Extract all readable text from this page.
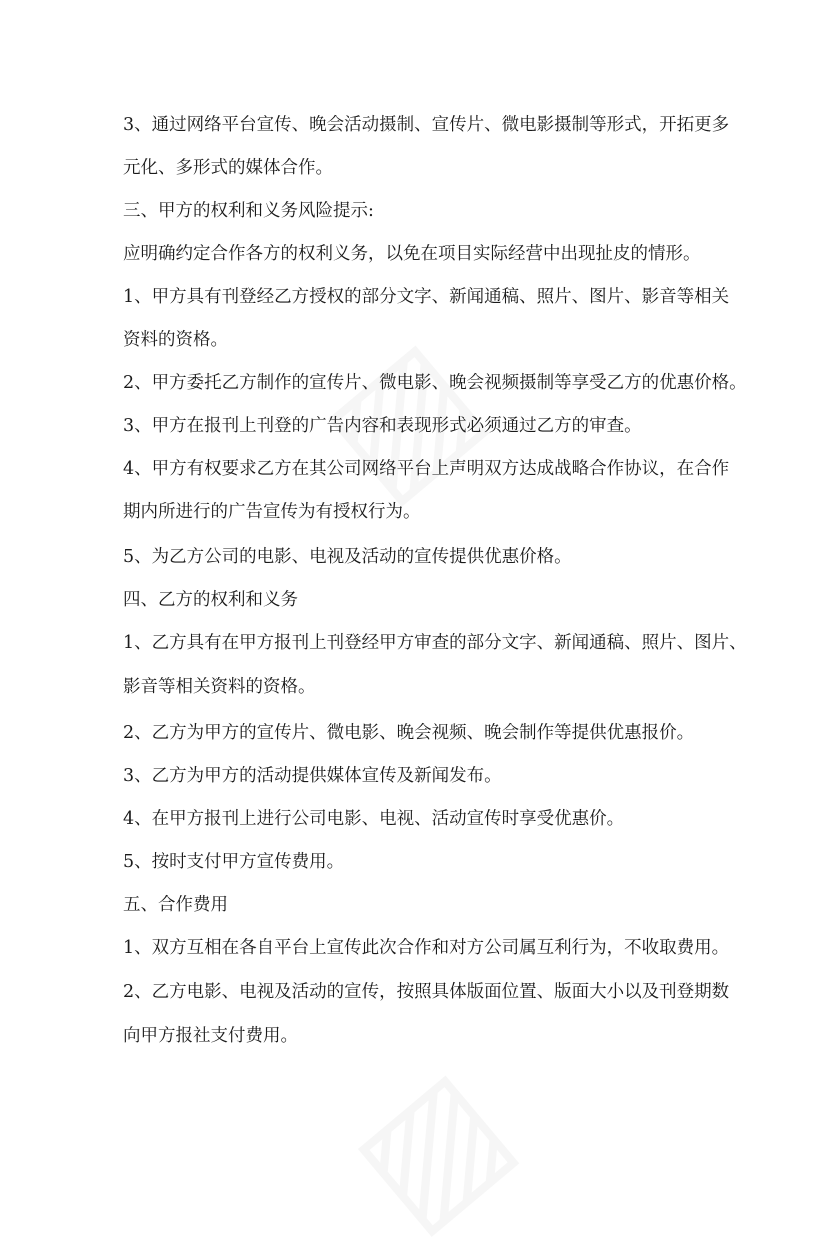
3、通过网络平台宣传、晚会活动摄制、宣传片、微电影摄制等形式，开拓更多
元化、多形式的媒体合作。
三、甲方的权利和义务风险提示:
应明确约定合作各方的权利义务，以免在项目实际经营中出现扯皮的情形。
1、甲方具有刊登经乙方授权的部分文字、新闻通稿、照片、图片、影音等相关
资料的资格。
2、甲方委托乙方制作的宣传片、微电影、晚会视频摄制等享受乙方的优惠价格。
3、甲方在报刊上刊登的广告内容和表现形式必须通过乙方的审查。
4、甲方有权要求乙方在其公司网络平台上声明双方达成战略合作协议，在合作
期内所进行的广告宣传为有授权行为。
5、为乙方公司的电影、电视及活动的宣传提供优惠价格。
四、乙方的权利和义务
1、乙方具有在甲方报刊上刊登经甲方审查的部分文字、新闻通稿、照片、图片、
影音等相关资料的资格。
2、乙方为甲方的宣传片、微电影、晚会视频、晚会制作等提供优惠报价。
3、乙方为甲方的活动提供媒体宣传及新闻发布。
4、在甲方报刊上进行公司电影、电视、活动宣传时享受优惠价。
5、按时支付甲方宣传费用。
五、合作费用
1、双方互相在各自平台上宣传此次合作和对方公司属互利行为，不收取费用。
2、乙方电影、电视及活动的宣传，按照具体版面位置、版面大小以及刊登期数
向甲方报社支付费用。
